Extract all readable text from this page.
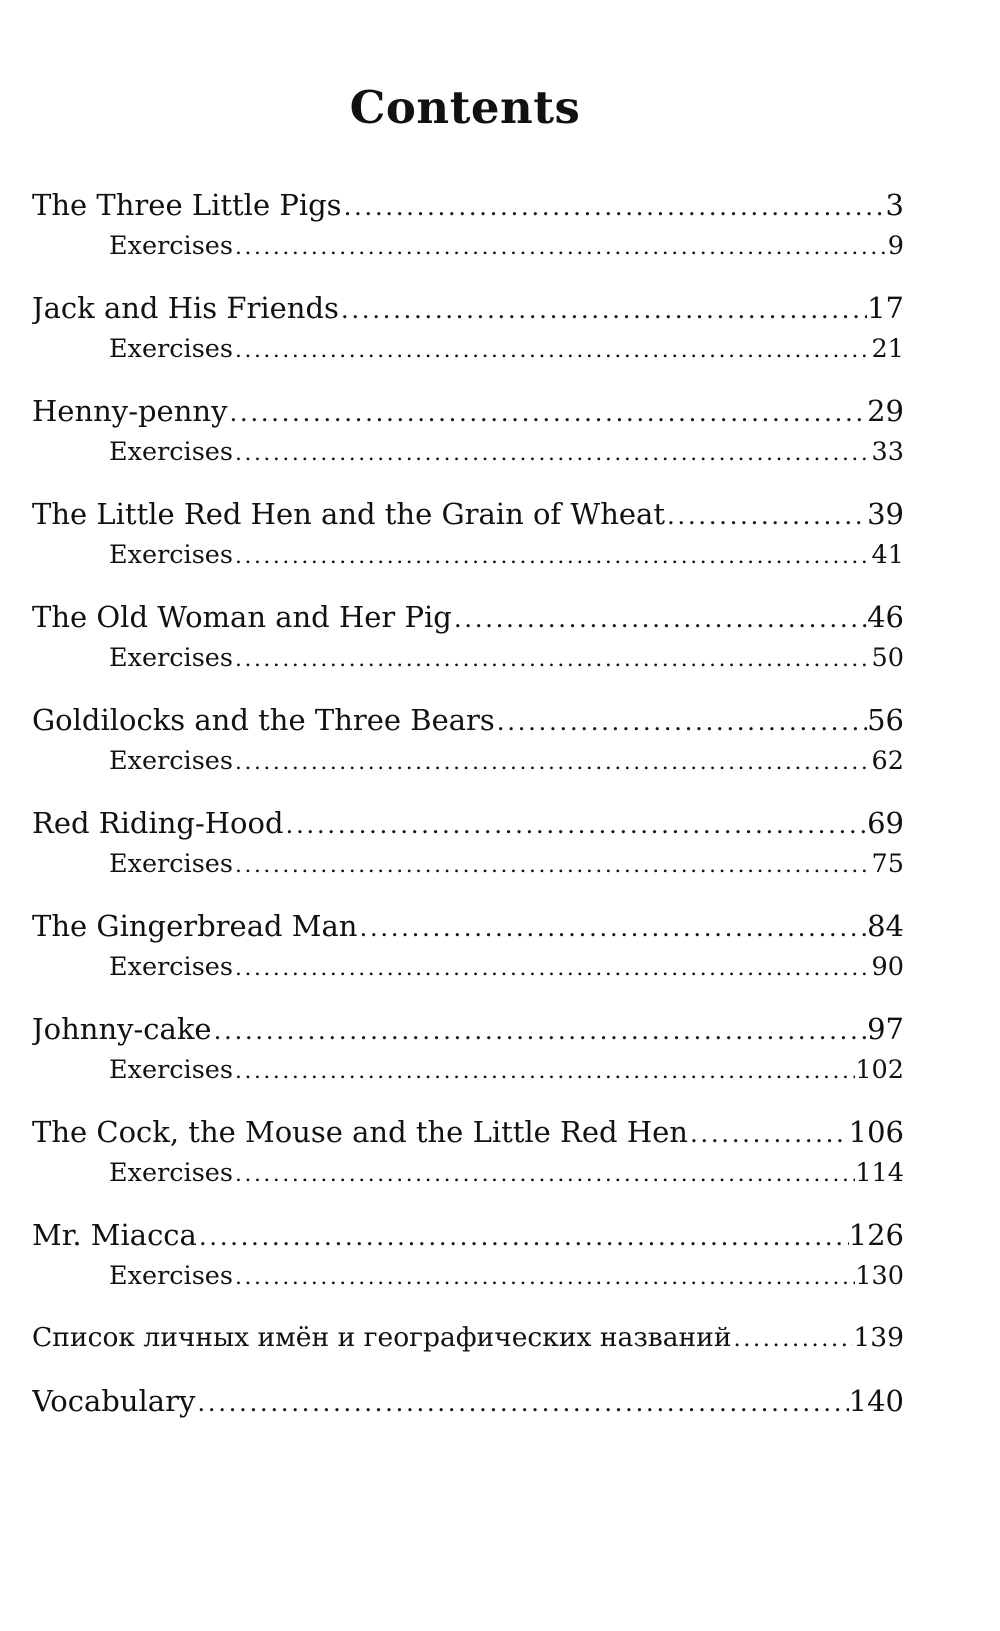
Contents
The Three Little Pigs .....	3
Exercises .....	9
Jack and His Friends .....	17
Exercises .....	21
Henny-penny .....	29
Exercises .....	33
The Little Red Hen and the Grain of Wheat .....	39
Exercises .....	41
The Old Woman and Her Pig .....	46
Exercises .....	50
Goldilocks and the Three Bears .....	56
Exercises .....	62
Red Riding-Hood .....	69
Exercises .....	75
The Gingerbread Man .....	84
Exercises .....	90
Johnny-cake .....	97
Exercises .....	102
The Cock, the Mouse and the Little Red Hen .....	106
Exercises .....	114
Mr. Miacca .....	126
Exercises .....	130
Список личных имён и географических названий .....	139
Vocabulary .....	140
